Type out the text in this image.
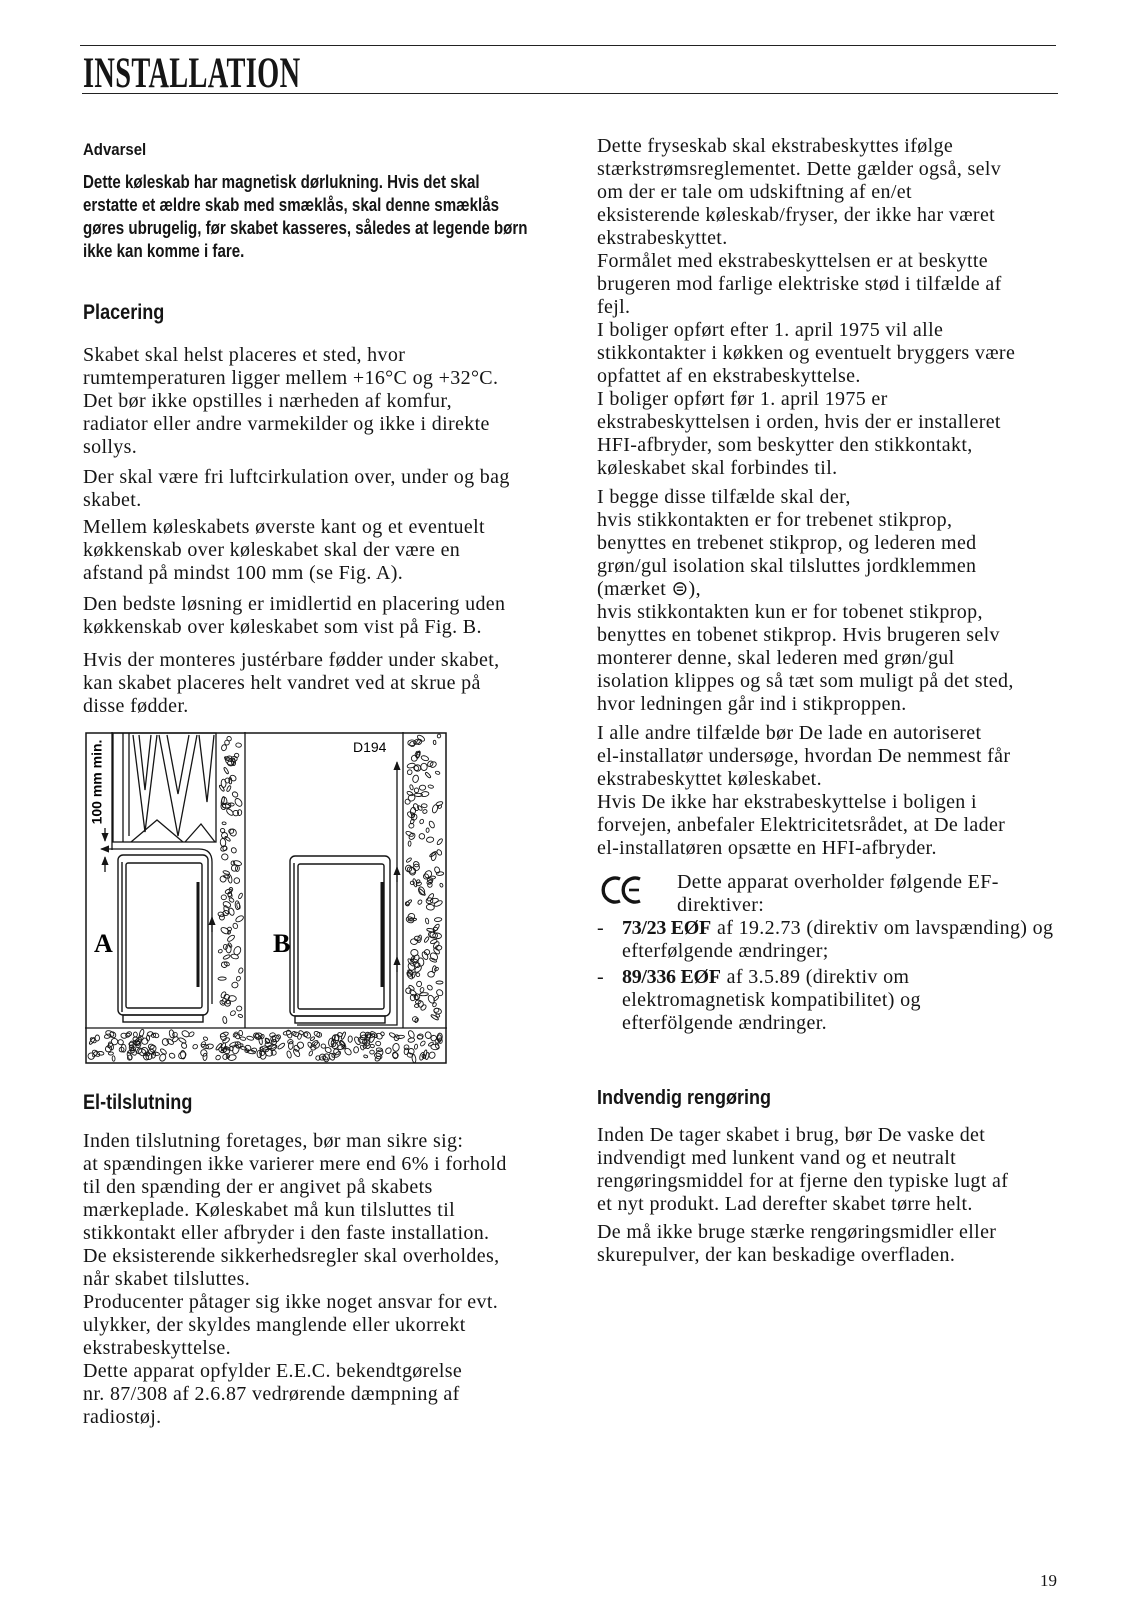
INSTALLATION
Advarsel
Dette køleskab har magnetisk dørlukning. Hvis det skal
erstatte et ældre skab med smæklås, skal denne smæklås
gøres ubrugelig, før skabet kasseres, således at legende børn
ikke kan komme i fare.
Placering
Skabet skal helst placeres et sted, hvor
rumtemperaturen ligger mellem +16°C og +32°C.
Det bør ikke opstilles i nærheden af komfur,
radiator eller andre varmekilder og ikke i direkte
sollys.
Der skal være fri luftcirkulation over, under og bag
skabet.
Mellem køleskabets øverste kant og et eventuelt
køkkenskab over køleskabet skal der være en
afstand på mindst 100 mm (se Fig. A).
Den bedste løsning er imidlertid en placering uden
køkkenskab over køleskabet som vist på Fig. B.
Hvis der monteres justérbare fødder under skabet,
kan skabet placeres helt vandret ved at skrue på
disse fødder.
100 mm min.
A	B
D194
El-tilslutning
Inden tilslutning foretages, bør man sikre sig:
at spændingen ikke varierer mere end 6% i forhold
til den spænding der er angivet på skabets
mærkeplade. Køleskabet må kun tilsluttes til
stikkontakt eller afbryder i den faste installation.
De eksisterende sikkerhedsregler skal overholdes,
når skabet tilsluttes.
Producenter påtager sig ikke noget ansvar for evt.
ulykker, der skyldes manglende eller ukorrekt
ekstrabeskyttelse.
Dette apparat opfylder E.E.C. bekendtgørelse
nr. 87/308 af 2.6.87 vedrørende dæmpning af
radiostøj.
Dette fryseskab skal ekstrabeskyttes ifølge
stærkstrømsreglementet. Dette gælder også, selv
om der er tale om udskiftning af en/et
eksisterende køleskab/fryser, der ikke har været
ekstrabeskyttet.
Formålet med ekstrabeskyttelsen er at beskytte
brugeren mod farlige elektriske stød i tilfælde af
fejl.
I boliger opført efter 1. april 1975 vil alle
stikkontakter i køkken og eventuelt bryggers være
opfattet af en ekstrabeskyttelse.
I boliger opført før 1. april 1975 er
ekstrabeskyttelsen i orden, hvis der er installeret
HFI-afbryder, som beskytter den stikkontakt,
køleskabet skal forbindes til.
I begge disse tilfælde skal der,
hvis stikkontakten er for trebenet stikprop,
benyttes en trebenet stikprop, og lederen med
grøn/gul isolation skal tilsluttes jordklemmen
(mærket ⊜),
hvis stikkontakten kun er for tobenet stikprop,
benyttes en tobenet stikprop. Hvis brugeren selv
monterer denne, skal lederen med grøn/gul
isolation klippes og så tæt som muligt på det sted,
hvor ledningen går ind i stikproppen.
I alle andre tilfælde bør De lade en autoriseret
el-installatør undersøge, hvordan De nemmest får
ekstrabeskyttet køleskabet.
Hvis De ikke har ekstrabeskyttelse i boligen i
forvejen, anbefaler Elektricitetsrådet, at De lader
el-installatøren opsætte en HFI-afbryder.
Dette apparat overholder følgende EF-
direktiver:
- 73/23 EØF af 19.2.73 (direktiv om lavspænding) og
efterfølgende ændringer;
- 89/336 EØF af 3.5.89 (direktiv om
elektromagnetisk kompatibilitet) og
efterfölgende ændringer.
Indvendig rengøring
Inden De tager skabet i brug, bør De vaske det
indvendigt med lunkent vand og et neutralt
rengøringsmiddel for at fjerne den typiske lugt af
et nyt produkt. Lad derefter skabet tørre helt.
De må ikke bruge stærke rengøringsmidler eller
skurepulver, der kan beskadige overfladen.
19
